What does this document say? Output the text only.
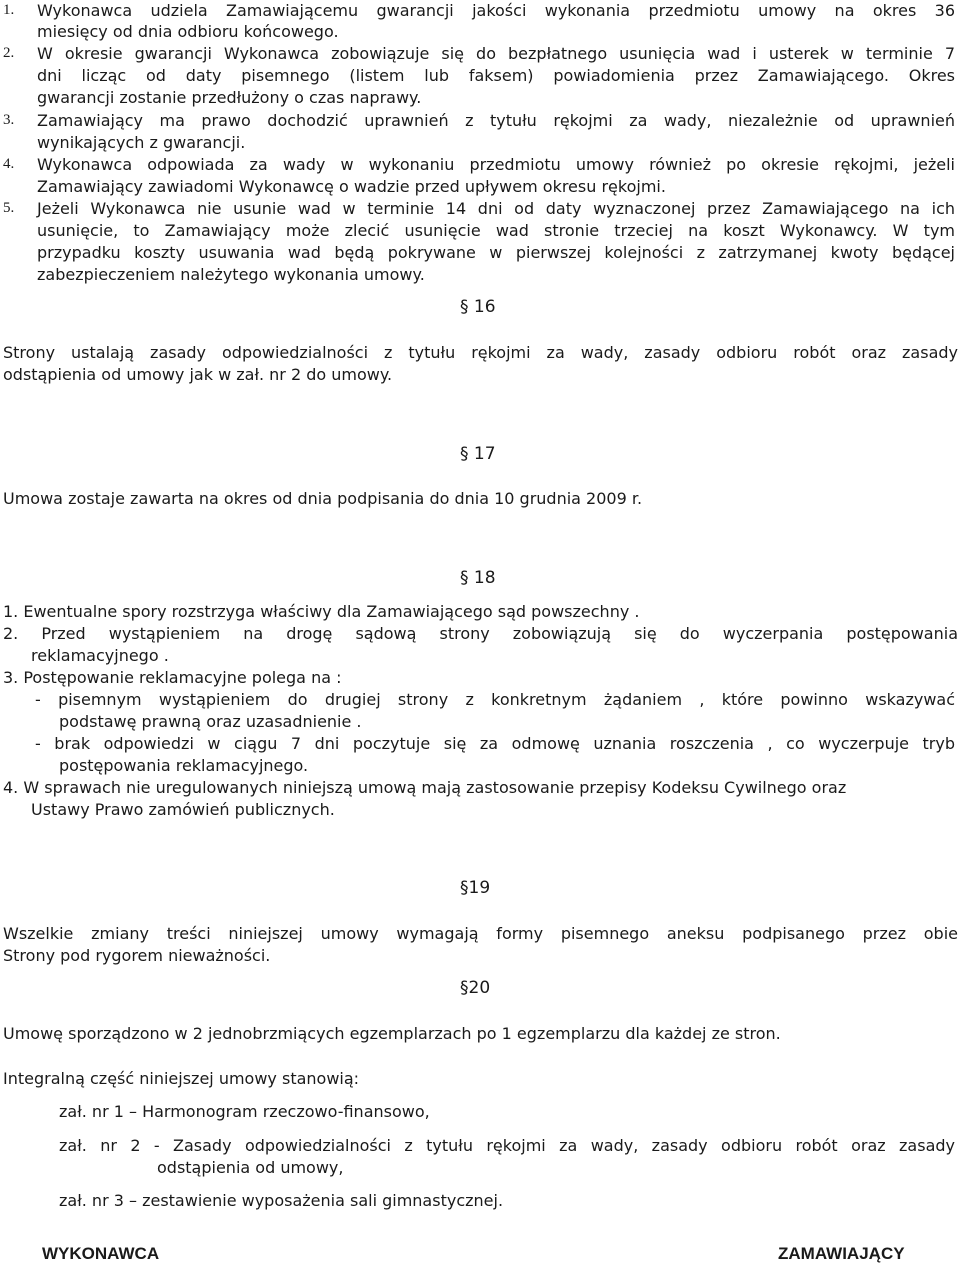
1. Wykonawca udziela Zamawiającemu gwarancji jakości wykonania przedmiotu umowy na okres 36
miesięcy od dnia odbioru końcowego.
2. W okresie gwarancji Wykonawca zobowiązuje się do bezpłatnego usunięcia wad i usterek w terminie 7
dni licząc od daty pisemnego (listem lub faksem) powiadomienia przez Zamawiającego. Okres
gwarancji zostanie przedłużony o czas naprawy.
3. Zamawiający ma prawo dochodzić uprawnień z tytułu rękojmi za wady, niezależnie od uprawnień
wynikających z gwarancji.
4. Wykonawca odpowiada za wady w wykonaniu przedmiotu umowy również po okresie rękojmi, jeżeli
Zamawiający zawiadomi Wykonawcę o wadzie przed upływem okresu rękojmi.
5. Jeżeli Wykonawca nie usunie wad w terminie 14 dni od daty wyznaczonej przez Zamawiającego na ich
usunięcie, to Zamawiający może zlecić usunięcie wad stronie trzeciej na koszt Wykonawcy. W tym
przypadku koszty usuwania wad będą pokrywane w pierwszej kolejności z zatrzymanej kwoty będącej
zabezpieczeniem należytego wykonania umowy.
§ 16
Strony ustalają zasady odpowiedzialności z tytułu rękojmi za wady, zasady odbioru robót oraz zasady
odstąpienia od umowy jak w zał. nr 2 do umowy.
§ 17
Umowa zostaje zawarta na okres od dnia podpisania do dnia 10 grudnia 2009 r.
§ 18
1. Ewentualne spory rozstrzyga właściwy dla Zamawiającego sąd powszechny .
2. Przed wystąpieniem na drogę sądową strony zobowiązują się do wyczerpania postępowania
reklamacyjnego .
3. Postępowanie reklamacyjne polega na :
- pisemnym wystąpieniem do drugiej strony z konkretnym żądaniem , które powinno wskazywać
podstawę prawną oraz uzasadnienie .
- brak odpowiedzi w ciągu 7 dni poczytuje się za odmowę uznania roszczenia , co wyczerpuje tryb
postępowania reklamacyjnego.
4. W sprawach nie uregulowanych niniejszą umową mają zastosowanie przepisy Kodeksu Cywilnego oraz
Ustawy Prawo zamówień publicznych.
§19
Wszelkie zmiany treści niniejszej umowy wymagają formy pisemnego aneksu podpisanego przez obie
Strony pod rygorem nieważności.
§20
Umowę sporządzono w 2 jednobrzmiących egzemplarzach po 1 egzemplarzu dla każdej ze stron.
Integralną część niniejszej umowy stanowią:
zał. nr 1 – Harmonogram rzeczowo-finansowo,
zał. nr 2 - Zasady odpowiedzialności z tytułu rękojmi za wady, zasady odbioru robót oraz zasady
odstąpienia od umowy,
zał. nr 3 – zestawienie wyposażenia sali gimnastycznej.
WYKONAWCA	ZAMAWIAJĄCY
